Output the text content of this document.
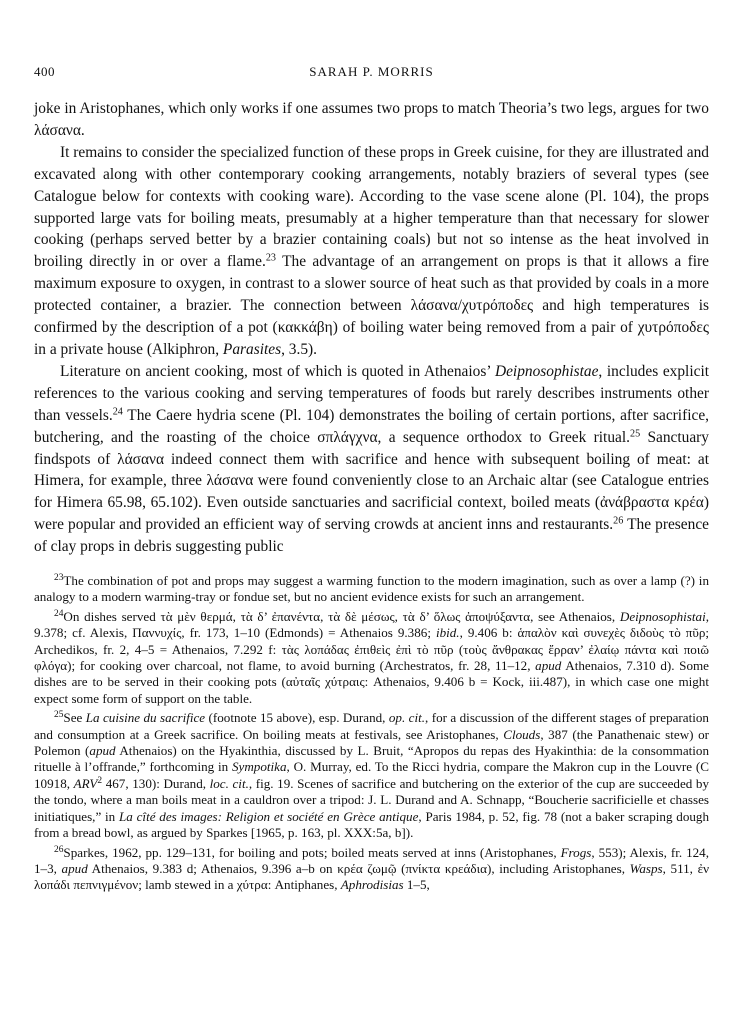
400	SARAH P. MORRIS

joke in Aristophanes, which only works if one assumes two props to match Theoria’s two legs, argues for two λάσανα.

It remains to consider the specialized function of these props in Greek cuisine, for they are illustrated and excavated along with other contemporary cooking arrangements, notably braziers of several types (see Catalogue below for contexts with cooking ware). According to the vase scene alone (Pl. 104), the props supported large vats for boiling meats, presumably at a higher temperature than that necessary for slower cooking (perhaps served better by a brazier containing coals) but not so intense as the heat involved in broiling directly in or over a flame.$^{23}$ The advantage of an arrangement on props is that it allows a fire maximum exposure to oxygen, in contrast to a slower source of heat such as that provided by coals in a more protected container, a brazier. The connection between λάσανα/χυτρόποδες and high temperatures is confirmed by the description of a pot (κακκάβη) of boiling water being removed from a pair of χυτρόποδες in a private house (Alkiphron, Parasites, 3.5).

Literature on ancient cooking, most of which is quoted in Athenaios’ Deipnosophistae, includes explicit references to the various cooking and serving temperatures of foods but rarely describes instruments other than vessels.$^{24}$ The Caere hydria scene (Pl. 104) demonstrates the boiling of certain portions, after sacrifice, butchering, and the roasting of the choice σπλάγχνα, a sequence orthodox to Greek ritual.$^{25}$ Sanctuary findspots of λάσανα indeed connect them with sacrifice and hence with subsequent boiling of meat: at Himera, for example, three λάσανα were found conveniently close to an Archaic altar (see Catalogue entries for Himera 65.98, 65.102). Even outside sanctuaries and sacrificial context, boiled meats (ἀνάβραστα κρέα) were popular and provided an efficient way of serving crowds at ancient inns and restaurants.$^{26}$ The presence of clay props in debris suggesting public

$^{23}$The combination of pot and props may suggest a warming function to the modern imagination, such as over a lamp (?) in analogy to a modern warming-tray or fondue set, but no ancient evidence exists for such an arrangement.

$^{24}$On dishes served τὰ μὲν θερμά, τὰ δ’ ἐπανέντα, τὰ δὲ μέσως, τὰ δ’ ὅλως ἀποψύξαντα, see Athenaios, Deipnosophistai, 9.378; cf. Alexis, Παννυχίς, fr. 173, 1–10 (Edmonds) = Athenaios 9.386; ibid., 9.406 b: ἁπαλὸν καὶ συνεχὲς διδοὺς τὸ πῦρ; Archedikos, fr. 2, 4–5 = Athenaios, 7.292 f: τὰς λοπάδας ἐπιθεὶς ἐπὶ τὸ πῦρ (τοὺς ἄνθρακας ἔρραν’ ἐλαίῳ πάντα καὶ ποιῶ φλόγα); for cooking over charcoal, not flame, to avoid burning (Archestratos, fr. 28, 11–12, apud Athenaios, 7.310 d). Some dishes are to be served in their cooking pots (αὐταῖς χύτραις: Athenaios, 9.406 b = Kock, iii.487), in which case one might expect some form of support on the table.

$^{25}$See La cuisine du sacrifice (footnote 15 above), esp. Durand, op. cit., for a discussion of the different stages of preparation and consumption at a Greek sacrifice. On boiling meats at festivals, see Aristophanes, Clouds, 387 (the Panathenaic stew) or Polemon (apud Athenaios) on the Hyakinthia, discussed by L. Bruit, “Apropos du repas des Hyakinthia: de la consommation rituelle à l’offrande,” forthcoming in Sympotika, O. Murray, ed. To the Ricci hydria, compare the Makron cup in the Louvre (C 10918, ARV$^2$ 467, 130): Durand, loc. cit., fig. 19. Scenes of sacrifice and butchering on the exterior of the cup are succeeded by the tondo, where a man boils meat in a cauldron over a tripod: J. L. Durand and A. Schnapp, “Boucherie sacrificielle et chasses initiatiques,” in La cîté des images: Religion et société en Grèce antique, Paris 1984, p. 52, fig. 78 (not a baker scraping dough from a bread bowl, as argued by Sparkes [1965, p. 163, pl. XXX:5a, b]).

$^{26}$Sparkes, 1962, pp. 129–131, for boiling and pots; boiled meats served at inns (Aristophanes, Frogs, 553); Alexis, fr. 124, 1–3, apud Athenaios, 9.383 d; Athenaios, 9.396 a–b on κρέα ζωμῷ (πνίκτα κρεάδια), including Aristophanes, Wasps, 511, ἐν λοπάδι πεπνιγμένον; lamb stewed in a χύτρα: Antiphanes, Aphrodisias 1–5,
